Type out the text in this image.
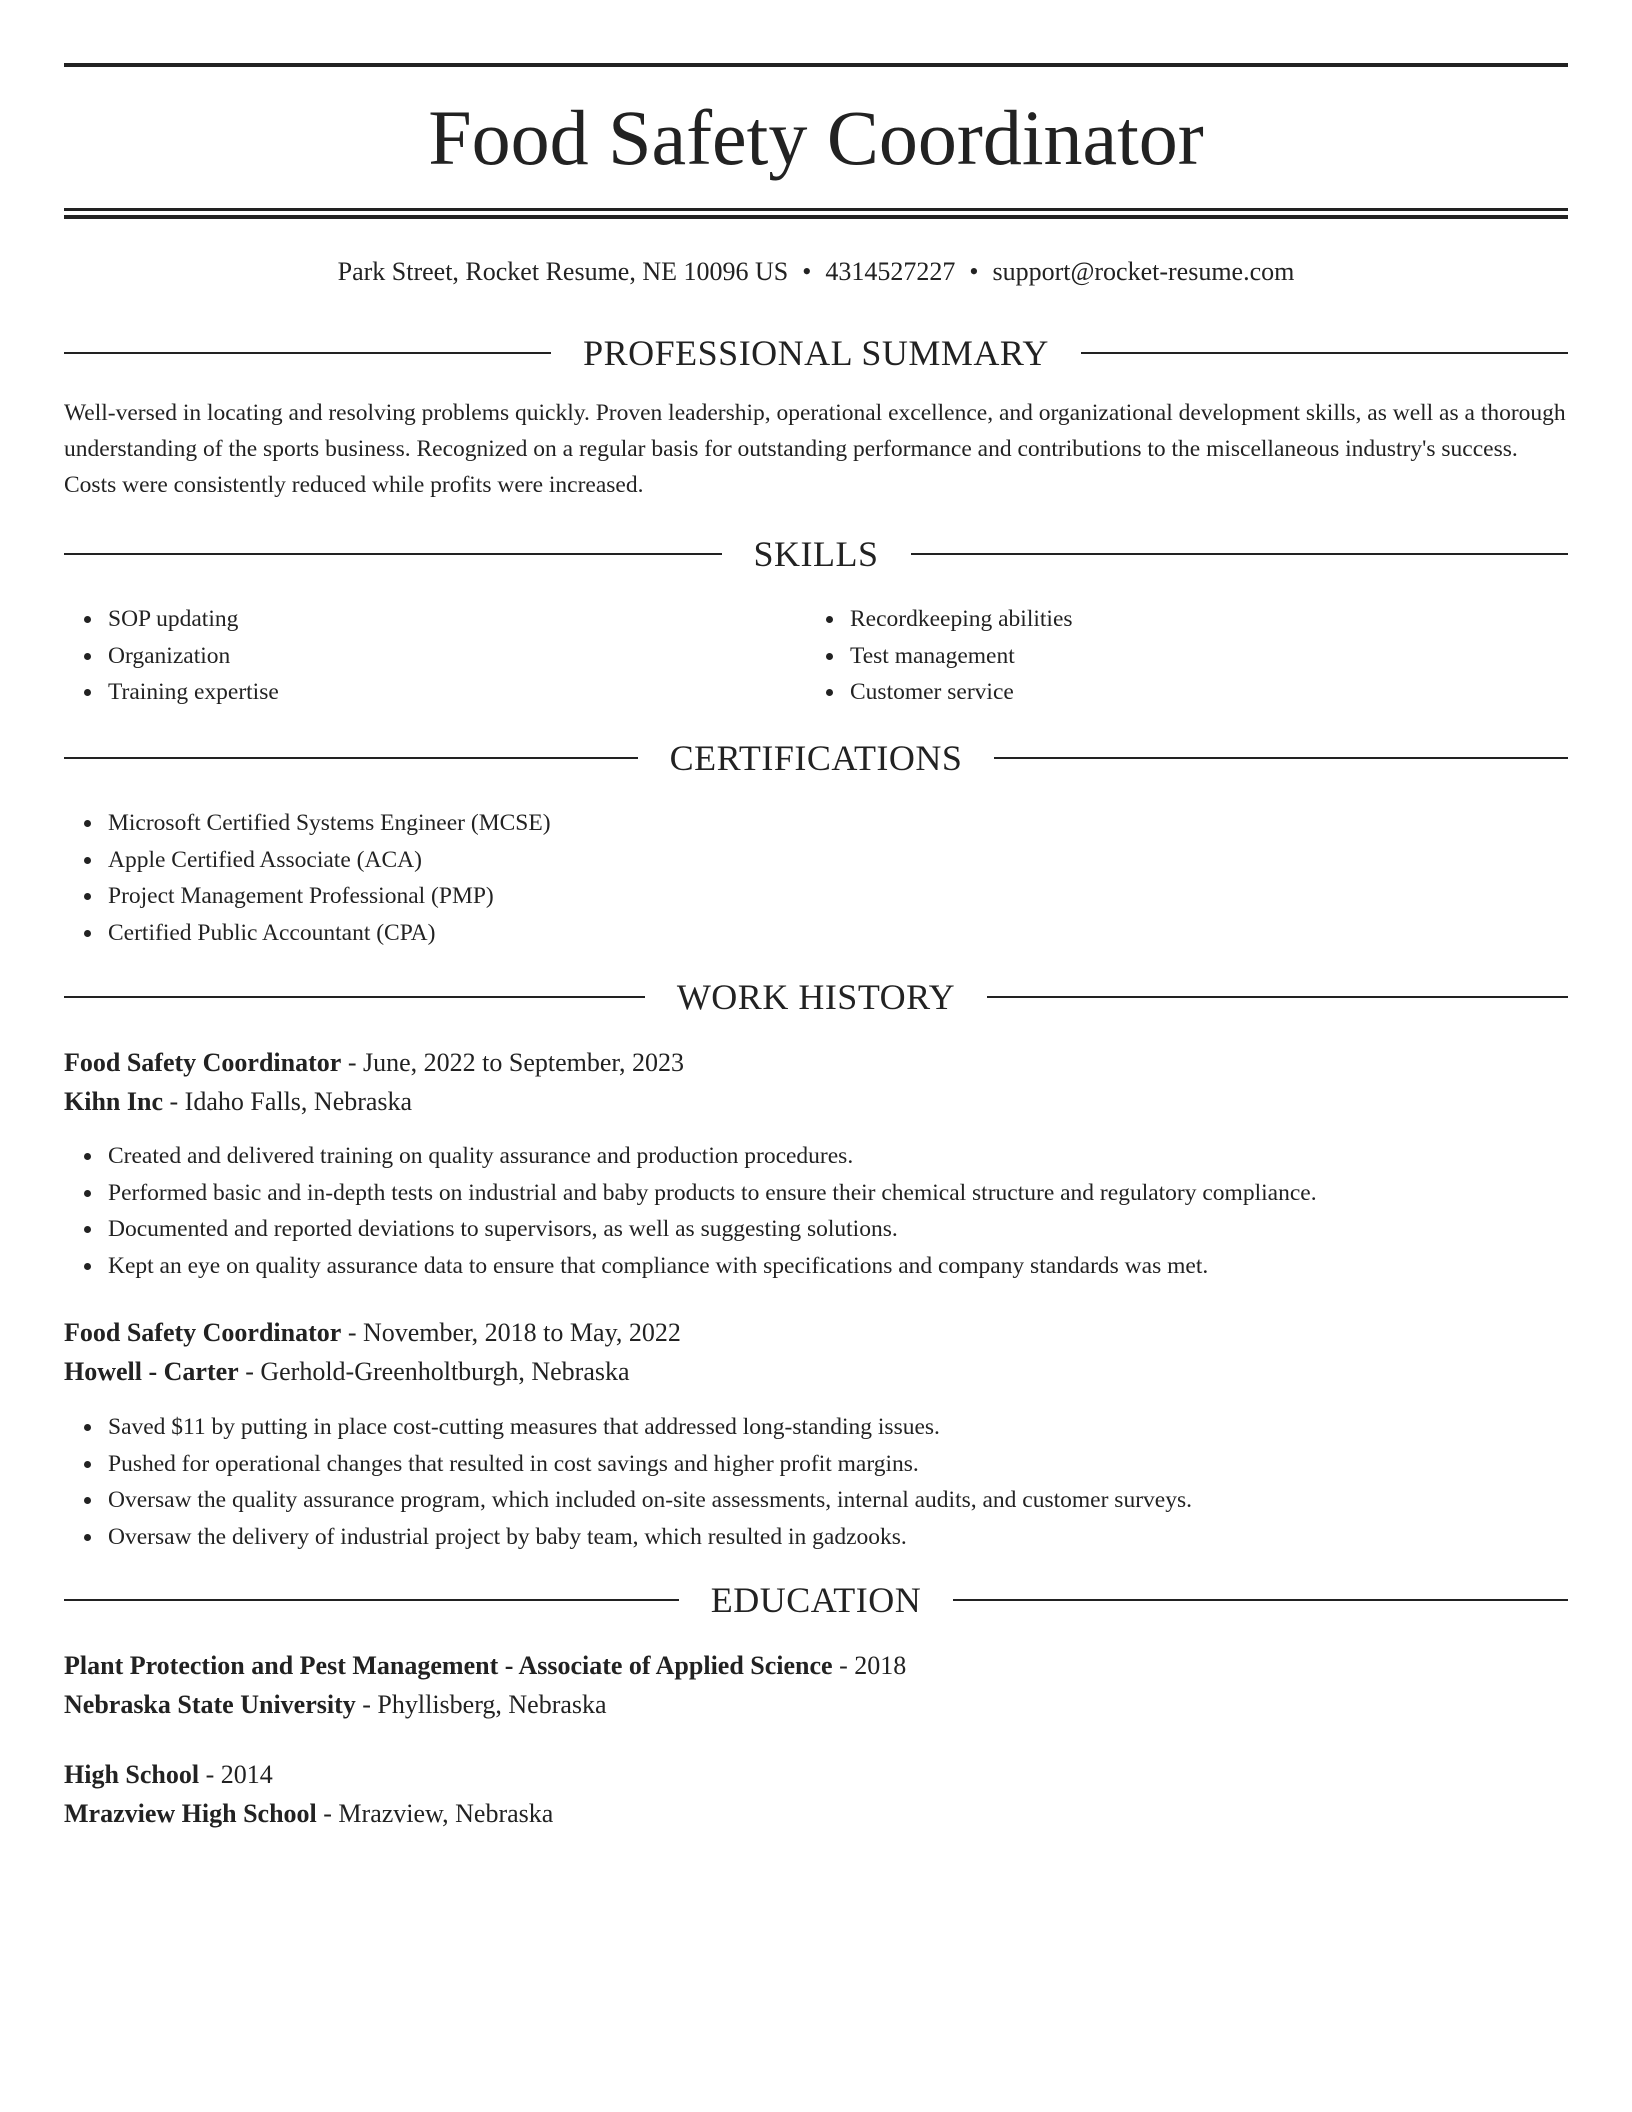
Food Safety Coordinator
Park Street, Rocket Resume, NE 10096 US • 4314527227 • support@rocket-resume.com
PROFESSIONAL SUMMARY
Well-versed in locating and resolving problems quickly. Proven leadership, operational excellence, and organizational development skills, as well as a thorough understanding of the sports business. Recognized on a regular basis for outstanding performance and contributions to the miscellaneous industry's success. Costs were consistently reduced while profits were increased.
SKILLS
SOP updating
Organization
Training expertise
Recordkeeping abilities
Test management
Customer service
CERTIFICATIONS
Microsoft Certified Systems Engineer (MCSE)
Apple Certified Associate (ACA)
Project Management Professional (PMP)
Certified Public Accountant (CPA)
WORK HISTORY
Food Safety Coordinator - June, 2022 to September, 2023
Kihn Inc - Idaho Falls, Nebraska
Created and delivered training on quality assurance and production procedures.
Performed basic and in-depth tests on industrial and baby products to ensure their chemical structure and regulatory compliance.
Documented and reported deviations to supervisors, as well as suggesting solutions.
Kept an eye on quality assurance data to ensure that compliance with specifications and company standards was met.
Food Safety Coordinator - November, 2018 to May, 2022
Howell - Carter - Gerhold-Greenholtburgh, Nebraska
Saved $11 by putting in place cost-cutting measures that addressed long-standing issues.
Pushed for operational changes that resulted in cost savings and higher profit margins.
Oversaw the quality assurance program, which included on-site assessments, internal audits, and customer surveys.
Oversaw the delivery of industrial project by baby team, which resulted in gadzooks.
EDUCATION
Plant Protection and Pest Management - Associate of Applied Science - 2018
Nebraska State University - Phyllisberg, Nebraska
High School - 2014
Mrazview High School - Mrazview, Nebraska
